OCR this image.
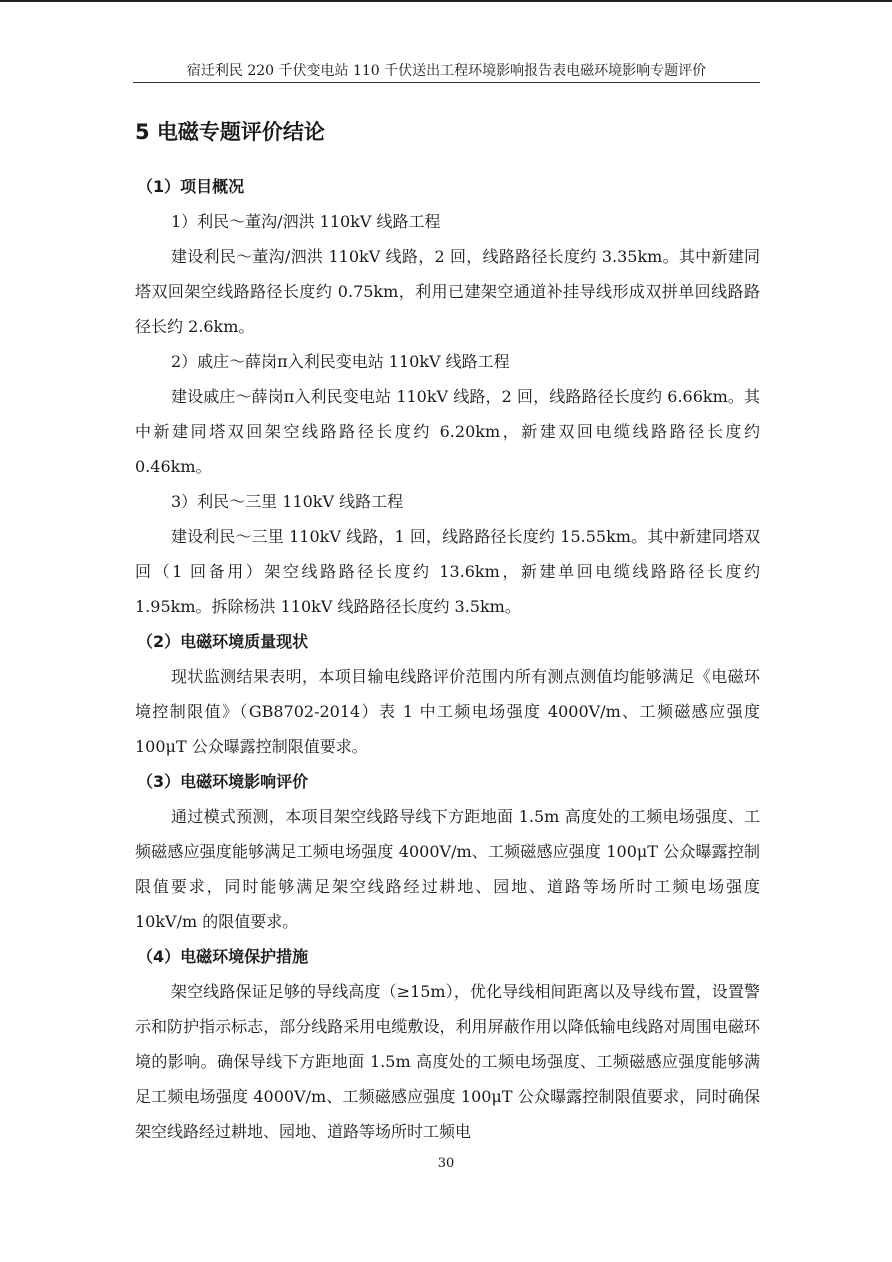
宿迁利民 220 千伏变电站 110 千伏送出工程环境影响报告表电磁环境影响专题评价
5 电磁专题评价结论
（1）项目概况
1）利民～董沟/泗洪 110kV 线路工程

建设利民～董沟/泗洪 110kV 线路，2 回，线路路径长度约 3.35km。其中新建同塔双回架空线路路径长度约 0.75km，利用已建架空通道补挂导线形成双拼单回线路路径长约 2.6km。

2）戚庄～薛岗π入利民变电站 110kV 线路工程

建设戚庄～薛岗π入利民变电站 110kV 线路，2 回，线路路径长度约 6.66km。其中新建同塔双回架空线路路径长度约 6.20km，新建双回电缆线路路径长度约 0.46km。

3）利民～三里 110kV 线路工程

建设利民～三里 110kV 线路，1 回，线路路径长度约 15.55km。其中新建同塔双回（1 回备用）架空线路路径长度约 13.6km，新建单回电缆线路路径长度约 1.95km。拆除杨洪 110kV 线路路径长度约 3.5km。

（2）电磁环境质量现状

现状监测结果表明，本项目输电线路评价范围内所有测点测值均能够满足《电磁环境控制限值》（GB8702-2014）表 1 中工频电场强度 4000V/m、工频磁感应强度 100μT 公众曝露控制限值要求。

（3）电磁环境影响评价

通过模式预测，本项目架空线路导线下方距地面 1.5m 高度处的工频电场强度、工频磁感应强度能够满足工频电场强度 4000V/m、工频磁感应强度 100μT 公众曝露控制限值要求，同时能够满足架空线路经过耕地、园地、道路等场所时工频电场强度 10kV/m 的限值要求。

（4）电磁环境保护措施

架空线路保证足够的导线高度（≥15m），优化导线相间距离以及导线布置，设置警示和防护指示标志，部分线路采用电缆敷设，利用屏蔽作用以降低输电线路对周围电磁环境的影响。确保导线下方距地面 1.5m 高度处的工频电场强度、工频磁感应强度能够满足工频电场强度 4000V/m、工频磁感应强度 100μT 公众曝露控制限值要求，同时确保架空线路经过耕地、园地、道路等场所时工频电

30
